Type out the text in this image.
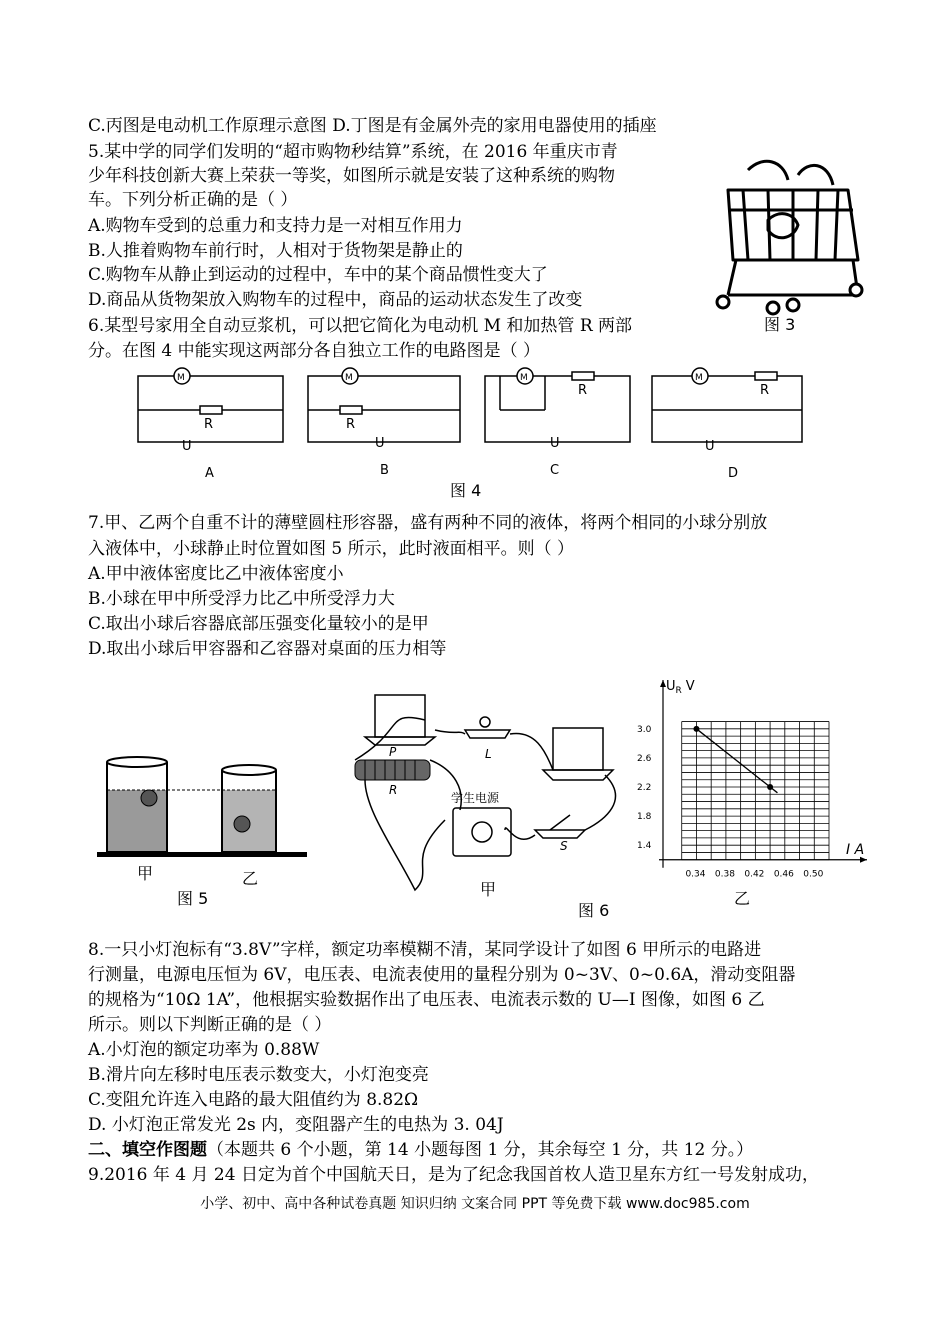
C.丙图是电动机工作原理示意图 D.丁图是有金属外壳的家用电器使用的插座
5.某中学的同学们发明的“超市购物秒结算”系统，在 2016 年重庆市青
少年科技创新大赛上荣获一等奖，如图所示就是安装了这种系统的购物
车。下列分析正确的是（ ）
A.购物车受到的总重力和支持力是一对相互作用力
B.人推着购物车前行时，人相对于货物架是静止的
C.购物车从静止到运动的过程中，车中的某个商品惯性变大了
D.商品从货物架放入购物车的过程中，商品的运动状态发生了改变
6.某型号家用全自动豆浆机，可以把它简化为电动机 M 和加热管 R 两部
分。在图 4 中能实现这两部分各自独立工作的电路图是（ ）
7.甲、乙两个自重不计的薄壁圆柱形容器，盛有两种不同的液体，将两个相同的小球分别放
入液体中，小球静止时位置如图 5 所示，此时液面相平。则（ ）
A.甲中液体密度比乙中液体密度小
B.小球在甲中所受浮力比乙中所受浮力大
C.取出小球后容器底部压强变化量较小的是甲
D.取出小球后甲容器和乙容器对桌面的压力相等
8.一只小灯泡标有“3.8V”字样，额定功率模糊不清，某同学设计了如图 6 甲所示的电路进
行测量，电源电压恒为 6V，电压表、电流表使用的量程分别为 0~3V、0~0.6A，滑动变阻器
的规格为“10Ω 1A”，他根据实验数据作出了电压表、电流表示数的 U—I 图像，如图 6 乙
所示。则以下判断正确的是（ ）
A.小灯泡的额定功率为 0.88W
B.滑片向左移时电压表示数变大，小灯泡变亮
C.变阻允许连入电路的最大阻值约为 8.82Ω
D. 小灯泡正常发光 2s 内，变阻器产生的电热为 3. 04J
二、填空作图题（本题共 6 个小题，第 14 小题每图 1 分，其余每空 1 分，共 12 分。）
9.2016 年 4 月 24 日定为首个中国航天日，是为了纪念我国首枚人造卫星东方红一号发射成功，
小学、初中、高中各种试卷真题 知识归纳 文案合同 PPT 等免费下载 www.doc985.com
图 3
A	B	C	D
M	M	M	M
R	R
R	R
U	U	U	U
图 4
甲	乙
图 5
P
R
L
S
学生电源
甲
图 6
0.34 0.38 0.42 0.46 0.50
3.0
2.6
2.2
1.8
1.4
$U_R$ V
I A
乙
